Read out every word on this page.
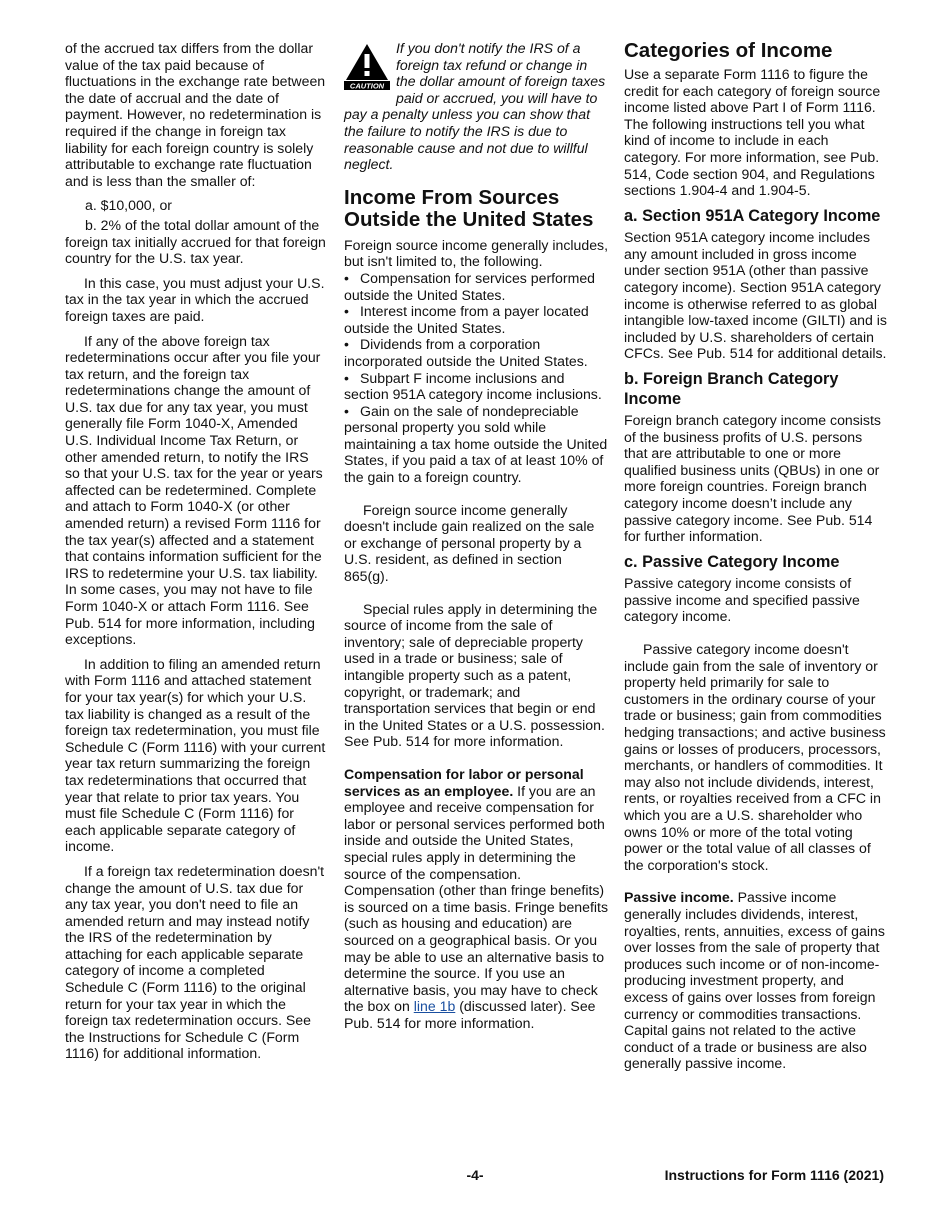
of the accrued tax differs from the dollar value of the tax paid because of fluctuations in the exchange rate between the date of accrual and the date of payment. However, no redetermination is required if the change in foreign tax liability for each foreign country is solely attributable to exchange rate fluctuation and is less than the smaller of:

a. $10,000, or
b. 2% of the total dollar amount of the foreign tax initially accrued for that foreign country for the U.S. tax year.

In this case, you must adjust your U.S. tax in the tax year in which the accrued foreign taxes are paid.

If any of the above foreign tax redeterminations occur after you file your tax return, and the foreign tax redeterminations change the amount of U.S. tax due for any tax year, you must generally file Form 1040-X, Amended U.S. Individual Income Tax Return, or other amended return, to notify the IRS so that your U.S. tax for the year or years affected can be redetermined. Complete and attach to Form 1040-X (or other amended return) a revised Form 1116 for the tax year(s) affected and a statement that contains information sufficient for the IRS to redetermine your U.S. tax liability. In some cases, you may not have to file Form 1040-X or attach Form 1116. See Pub. 514 for more information, including exceptions.

In addition to filing an amended return with Form 1116 and attached statement for your tax year(s) for which your U.S. tax liability is changed as a result of the foreign tax redetermination, you must file Schedule C (Form 1116) with your current year tax return summarizing the foreign tax redeterminations that occurred that year that relate to prior tax years. You must file Schedule C (Form 1116) for each applicable separate category of income.

If a foreign tax redetermination doesn't change the amount of U.S. tax due for any tax year, you don't need to file an amended return and may instead notify the IRS of the redetermination by attaching for each applicable separate category of income a completed Schedule C (Form 1116) to the original return for your tax year in which the foreign tax redetermination occurs. See the Instructions for Schedule C (Form 1116) for additional information.

CAUTION
If you don't notify the IRS of a foreign tax refund or change in the dollar amount of foreign taxes paid or accrued, you will have to pay a penalty unless you can show that the failure to notify the IRS is due to reasonable cause and not due to willful neglect.
Income From Sources Outside the United States

Foreign source income generally includes, but isn't limited to, the following.

• Compensation for services performed outside the United States.
• Interest income from a payer located outside the United States.
• Dividends from a corporation incorporated outside the United States.
• Subpart F income inclusions and section 951A category income inclusions.
• Gain on the sale of nondepreciable personal property you sold while maintaining a tax home outside the United States, if you paid a tax of at least 10% of the gain to a foreign country.

Foreign source income generally doesn't include gain realized on the sale or exchange of personal property by a U.S. resident, as defined in section 865(g).

Special rules apply in determining the source of income from the sale of inventory; sale of depreciable property used in a trade or business; sale of intangible property such as a patent, copyright, or trademark; and transportation services that begin or end in the United States or a U.S. possession. See Pub. 514 for more information.

Compensation for labor or personal services as an employee. If you are an employee and receive compensation for labor or personal services performed both inside and outside the United States, special rules apply in determining the source of the compensation. Compensation (other than fringe benefits) is sourced on a time basis. Fringe benefits (such as housing and education) are sourced on a geographical basis. Or you may be able to use an alternative basis to determine the source. If you use an alternative basis, you may have to check the box on line 1b (discussed later). See Pub. 514 for more information.

Categories of Income

Use a separate Form 1116 to figure the credit for each category of foreign source income listed above Part I of Form 1116. The following instructions tell you what kind of income to include in each category. For more information, see Pub. 514, Code section 904, and Regulations sections 1.904-4 and 1.904-5.

a. Section 951A Category Income

Section 951A category income includes any amount included in gross income under section 951A (other than passive category income). Section 951A category income is otherwise referred to as global intangible low-taxed income (GILTI) and is included by U.S. shareholders of certain CFCs. See Pub. 514 for additional details.

b. Foreign Branch Category Income

Foreign branch category income consists of the business profits of U.S. persons that are attributable to one or more qualified business units (QBUs) in one or more foreign countries. Foreign branch category income doesn’t include any passive category income. See Pub. 514 for further information.

c. Passive Category Income

Passive category income consists of passive income and specified passive category income.

Passive category income doesn't include gain from the sale of inventory or property held primarily for sale to customers in the ordinary course of your trade or business; gain from commodities hedging transactions; and active business gains or losses of producers, processors, merchants, or handlers of commodities. It may also not include dividends, interest, rents, or royalties received from a CFC in which you are a U.S. shareholder who owns 10% or more of the total voting power or the total value of all classes of the corporation's stock.

Passive income. Passive income generally includes dividends, interest, royalties, rents, annuities, excess of gains over losses from the sale of property that produces such income or of non-income-producing investment property, and excess of gains over losses from foreign currency or commodities transactions. Capital gains not related to the active conduct of a trade or business are also generally passive income.

-4-	Instructions for Form 1116 (2021)
